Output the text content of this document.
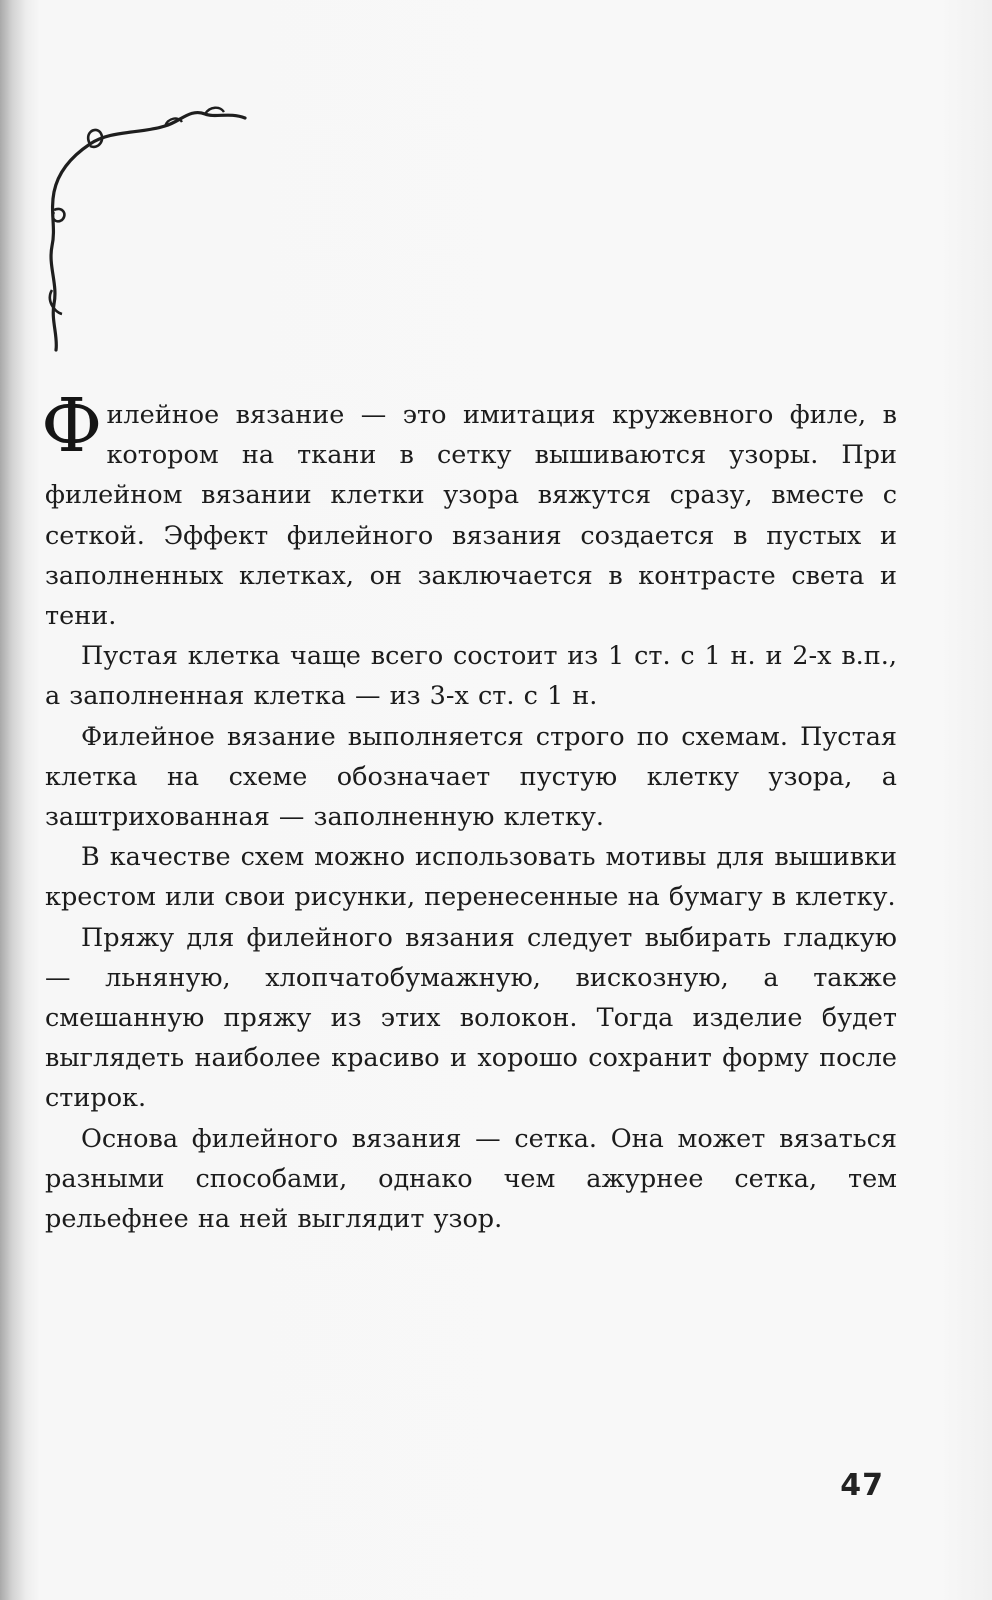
Филейное вязание — это имитация кружевного филе, в котором на ткани в сетку вышиваются узоры. При филейном вязании клетки узора вяжутся сразу, вместе с сеткой. Эффект филейного вязания создается в пустых и заполненных клетках, он заключается в контрасте света и тени.

Пустая клетка чаще всего состоит из 1 ст. с 1 н. и 2-х в.п., а заполненная клетка — из 3-х ст. с 1 н.

Филейное вязание выполняется строго по схемам. Пустая клетка на схеме обозначает пустую клетку узора, а заштрихованная — заполненную клетку.

В качестве схем можно использовать мотивы для вышивки крестом или свои рисунки, перенесенные на бумагу в клетку.

Пряжу для филейного вязания следует выбирать гладкую — льняную, хлопчатобумажную, вискозную, а также смешанную пряжу из этих волокон. Тогда изделие будет выглядеть наиболее красиво и хорошо сохранит форму после стирок.

Основа филейного вязания — сетка. Она может вязаться разными способами, однако чем ажурнее сетка, тем рельефнее на ней выглядит узор.

47
